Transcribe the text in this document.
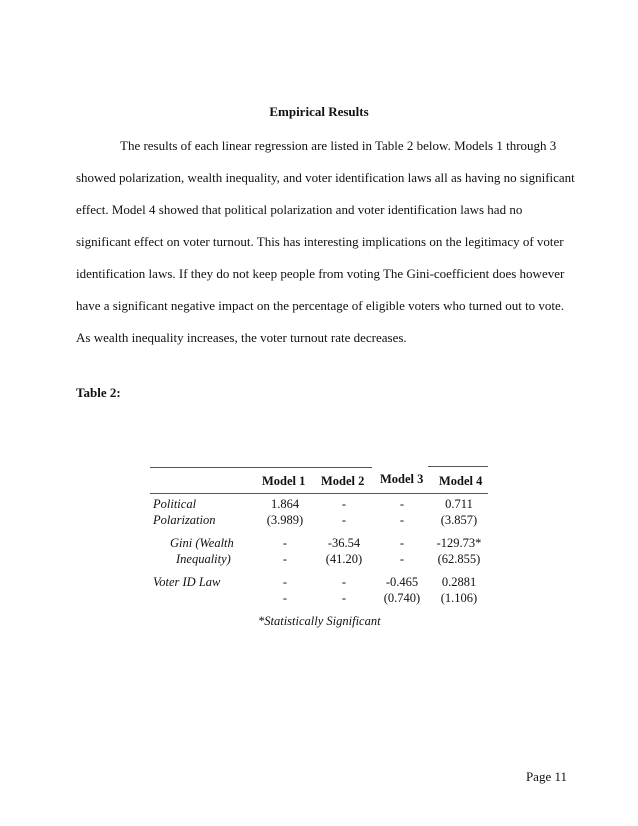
Empirical Results
The results of each linear regression are listed in Table 2 below. Models 1 through 3
showed polarization, wealth inequality, and voter identification laws all as having no significant
effect. Model 4 showed that political polarization and voter identification laws had no
significant effect on voter turnout. This has interesting implications on the legitimacy of voter
identification laws. If they do not keep people from voting The Gini-coefficient does however
have a significant negative impact on the percentage of eligible voters who turned out to vote.
As wealth inequality increases, the voter turnout rate decreases.
Table 2:
Model 1 Model 2 Model 3 Model 4
Political
Polarization
1.864
(3.989)
-
-
-
-
0.711
(3.857)
Gini (Wealth
Inequality)
-
-
-36.54
(41.20)
-
-
-129.73*
(62.855)
Voter ID Law	-
-
-
-
-0.465
(0.740)
0.2881
(1.106)
*Statistically Significant
Page 11
